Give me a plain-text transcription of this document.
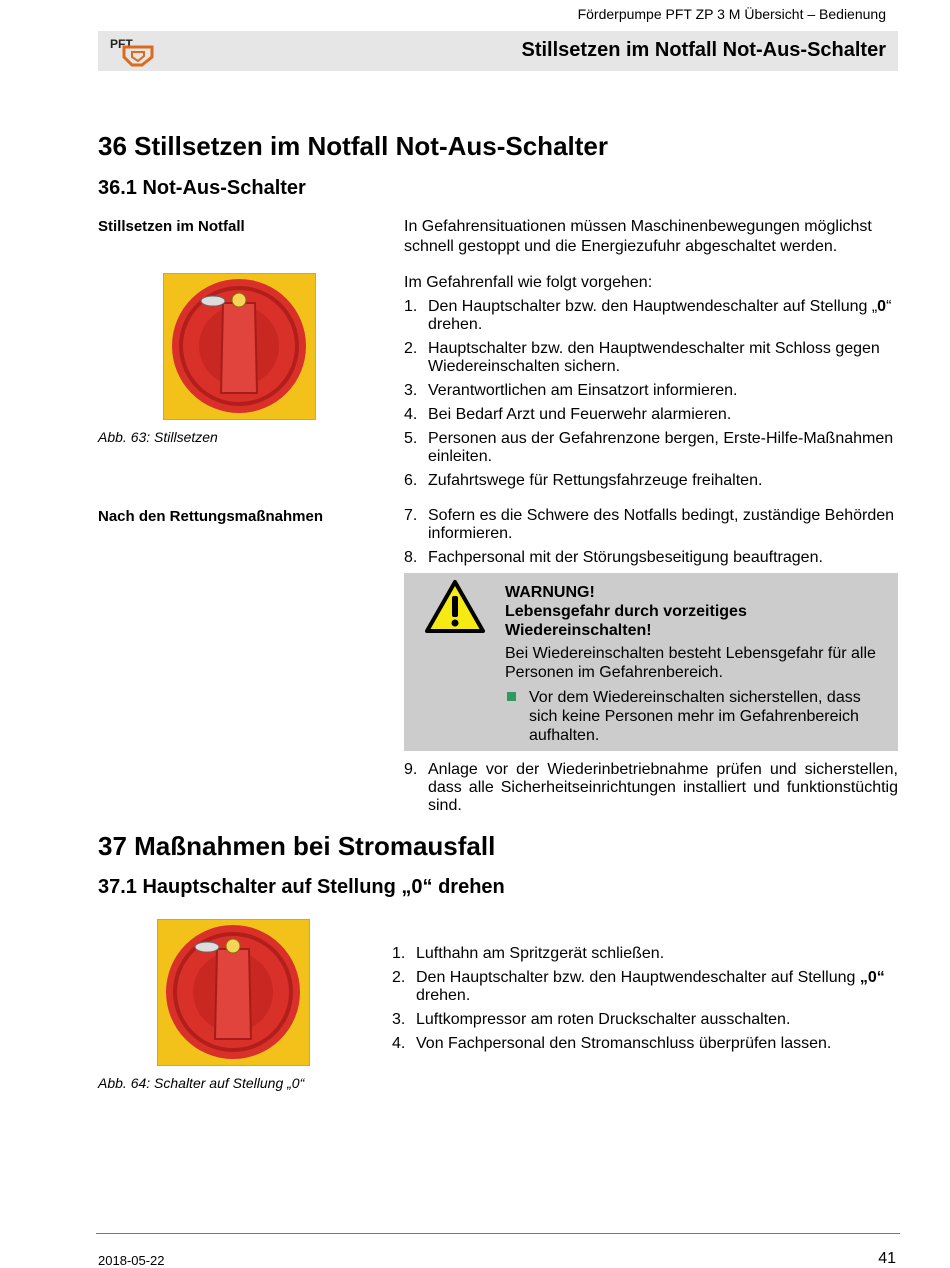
Förderpumpe PFT ZP 3 M Übersicht – Bedienung
PFT	Stillsetzen im Notfall Not-Aus-Schalter
36 Stillsetzen im Notfall Not-Aus-Schalter
36.1 Not-Aus-Schalter
Stillsetzen im Notfall	In Gefahrensituationen müssen Maschinenbewegungen möglichst schnell gestoppt und die Energiezufuhr abgeschaltet werden.
Abb. 63: Stillsetzen
Im Gefahrenfall wie folgt vorgehen:
1. Den Hauptschalter bzw. den Hauptwendeschalter auf Stellung „0“ drehen.
2. Hauptschalter bzw. den Hauptwendeschalter mit Schloss gegen Wiedereinschalten sichern.
3. Verantwortlichen am Einsatzort informieren.
4. Bei Bedarf Arzt und Feuerwehr alarmieren.
5. Personen aus der Gefahrenzone bergen, Erste-Hilfe-Maßnahmen einleiten.
6. Zufahrtswege für Rettungsfahrzeuge freihalten.
Nach den Rettungsmaßnahmen	7. Sofern es die Schwere des Notfalls bedingt, zuständige Behörden informieren.
8. Fachpersonal mit der Störungsbeseitigung beauftragen.
WARNUNG!
Lebensgefahr durch vorzeitiges Wiedereinschalten!
Bei Wiedereinschalten besteht Lebensgefahr für alle Personen im Gefahrenbereich.
Vor dem Wiedereinschalten sicherstellen, dass sich keine Personen mehr im Gefahrenbereich aufhalten.
9. Anlage vor der Wiederinbetriebnahme prüfen und sicherstellen, dass alle Sicherheitseinrichtungen installiert und funktionstüchtig sind.
37 Maßnahmen bei Stromausfall
37.1 Hauptschalter auf Stellung „0“ drehen
Abb. 64: Schalter auf Stellung „0“
1. Lufthahn am Spritzgerät schließen.
2. Den Hauptschalter bzw. den Hauptwendeschalter auf Stellung „0“ drehen.
3. Luftkompressor am roten Druckschalter ausschalten.
4. Von Fachpersonal den Stromanschluss überprüfen lassen.
2018-05-22	41
